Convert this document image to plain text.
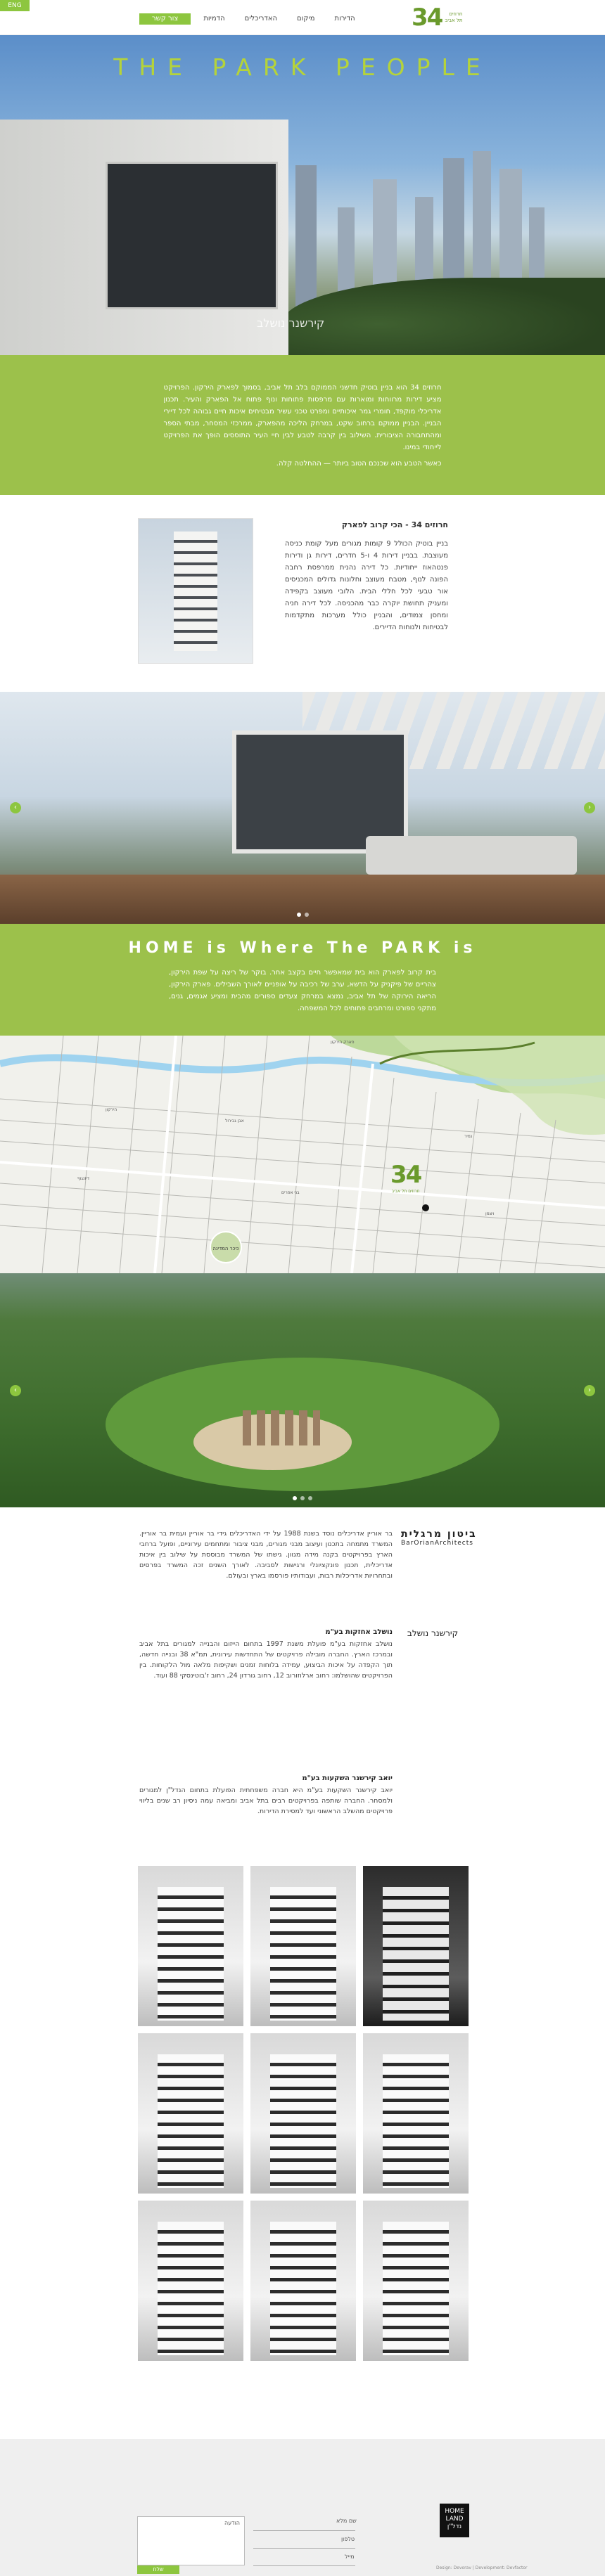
ENG
הדירות
מיקום
האדריכלים
הדמיות
צור קשר	34	חרוזים
תל אביב
THE PARK PEOPLE
קירשנר נושלב

חרוזים 34 הוא בניין בוטיק חדשני הממוקם בלב תל אביב, בסמוך לפארק הירקון. הפרויקט מציע דירות מרווחות ומוארות עם מרפסות פתוחות ונוף פתוח אל הפארק והעיר. תכנון אדריכלי מוקפד, חומרי גמר איכותיים ומפרט טכני עשיר מבטיחים איכות חיים גבוהה לכל דיירי הבניין. הבניין ממוקם ברחוב שקט, במרחק הליכה מהפארק, ממרכזי המסחר, מבתי הספר ומהתחבורה הציבורית. השילוב בין קרבה לטבע לבין חיי העיר התוססים הופך את הפרויקט לייחודי במינו.

כאשר הטבע הוא שכנכם הטוב ביותר — ההחלטה קלה.

חרוזים 34 - הכי קרוב לפארק

בניין בוטיק הכולל 9 קומות מגורים מעל קומת כניסה מעוצבת. בבניין דירות 4 ו-5 חדרים, דירות גן ודירות פנטהאוז ייחודיות. כל דירה נהנית ממרפסת רחבה הפונה לנוף, מטבח מעוצב וחלונות גדולים המכניסים אור טבעי לכל חללי הבית. הלובי מעוצב בקפידה ומעניק תחושת יוקרה כבר מהכניסה. לכל דירה חניה ומחסן צמודים, והבניין כולל מערכות מתקדמות לבטיחות ולנוחות הדיירים.

‹	›
HOME is Where The PARK is

בית קרוב לפארק הוא בית שמאפשר חיים בקצב אחר. בוקר של ריצה על שפת הירקון, צהריים של פיקניק על הדשא, ערב של רכיבה על אופניים לאורך השבילים. פארק הירקון, הריאה הירוקה של תל אביב, נמצא במרחק צעדים ספורים מהבית ומציע אגמים, גנים, מתקני ספורט ומרחבים פתוחים לכל המשפחה.

פארק הירקון
הירקון
אבן גבירול
דיזנגוף
נמיר
ויצמן
בני אפרים
כיכר המדינה
34
חרוזים תל אביב
‹	›
ביטון מרגלית
BarOrianArchitects

בר אוריין אדריכלים נוסד בשנת 1988 על ידי האדריכלים גידי בר אוריין ועמית בר אוריין. המשרד מתמחה בתכנון ועיצוב מבני מגורים, מבני ציבור ומתחמים עירוניים, ופועל ברחבי הארץ בפרויקטים בקנה מידה מגוון. גישתו של המשרד מבוססת על שילוב בין איכות אדריכלית, תכנון פונקציונלי ורגישות לסביבה. לאורך השנים זכה המשרד בפרסים ובתחרויות אדריכלות רבות, ועבודותיו פורסמו בארץ ובעולם.

קירשנר נושלב
נושלב אחזקות בע"מ

נושלב אחזקות בע"מ פועלת משנת 1997 בתחום הייזום והבנייה למגורים בתל אביב ובמרכז הארץ. החברה מובילה פרויקטים של התחדשות עירונית, תמ"א 38 ובנייה חדשה, תוך הקפדה על איכות הביצוע, עמידה בלוחות זמנים ושקיפות מלאה מול הלקוחות. בין הפרויקטים שהושלמו: רחוב ארלוזורוב 12, רחוב גורדון 24, רחוב ז'בוטינסקי 88 ועוד.

יואב קירשנר השקעות בע"מ

יואב קירשנר השקעות בע"מ היא חברה משפחתית הפועלת בתחום הנדל"ן למגורים ולמסחר. החברה שותפה בפרויקטים רבים בתל אביב ומביאה עמה ניסיון רב שנים בליווי פרויקטים מהשלב הראשוני ועד למסירת הדירות.

HOME
LAND
נדל"ן
שם מלא
טלפון
מייל
הודעה
שלח	Design: Devorav | Development: Devfactor
